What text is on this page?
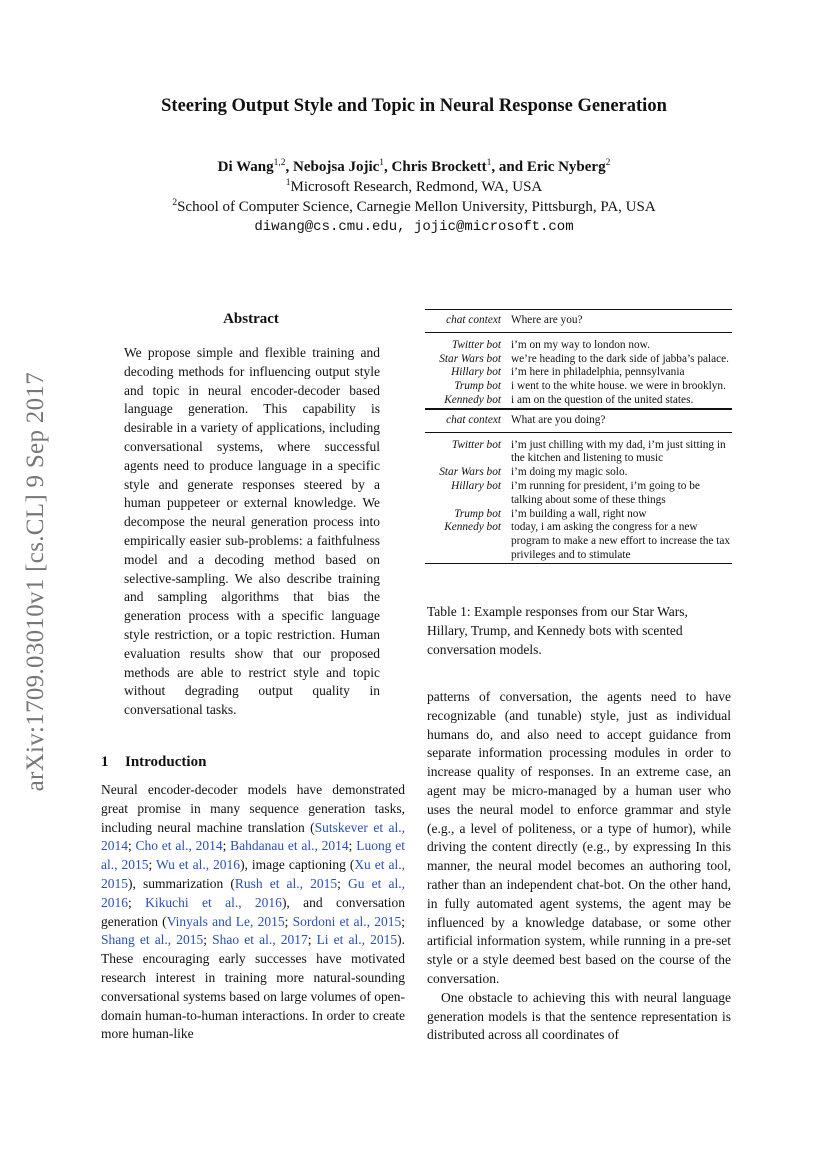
arXiv:1709.03010v1 [cs.CL] 9 Sep 2017
Steering Output Style and Topic in Neural Response Generation
Di Wang$^{1,2}$, Nebojsa Jojic$^1$, Chris Brockett$^1$, and Eric Nyberg$^2$
$^1$Microsoft Research, Redmond, WA, USA
$^2$School of Computer Science, Carnegie Mellon University, Pittsburgh, PA, USA
diwang@cs.cmu.edu, jojic@microsoft.com
Abstract
We propose simple and flexible training and decoding methods for influencing output style and topic in neural encoder-decoder based language generation. This capability is desirable in a variety of applications, including conversational systems, where successful agents need to produce language in a specific style and generate responses steered by a human puppeteer or external knowledge. We decompose the neural generation process into empirically easier sub-problems: a faithfulness model and a decoding method based on selective-sampling. We also describe training and sampling algorithms that bias the generation process with a specific language style restriction, or a topic restriction. Human evaluation results show that our proposed methods are able to restrict style and topic without degrading output quality in conversational tasks.
1 Introduction
Neural encoder-decoder models have demonstrated great promise in many sequence generation tasks, including neural machine translation (Sutskever et al., 2014; Cho et al., 2014; Bahdanau et al., 2014; Luong et al., 2015; Wu et al., 2016), image captioning (Xu et al., 2015), summarization (Rush et al., 2015; Gu et al., 2016; Kikuchi et al., 2016), and conversation generation (Vinyals and Le, 2015; Sordoni et al., 2015; Shang et al., 2015; Shao et al., 2017; Li et al., 2015). These encouraging early successes have motivated research interest in training more natural-sounding conversational systems based on large volumes of open-domain human-to-human interactions. In order to create more human-like
chat context	Where are you?
Twitter bot	i’m on my way to london now.
Star Wars bot	we’re heading to the dark side of jabba’s palace.
Hillary bot	i’m here in philadelphia, pennsylvania
Trump bot	i went to the white house. we were in brooklyn.
Kennedy bot	i am on the question of the united states.
chat context	What are you doing?
Twitter bot	i’m just chilling with my dad, i’m just sitting in the kitchen and listening to music
Star Wars bot	i’m doing my magic solo.
Hillary bot	i’m running for president, i’m going to be talking about some of these things
Trump bot	i’m building a wall, right now
Kennedy bot	today, i am asking the congress for a new program to make a new effort to increase the tax privileges and to stimulate
Table 1: Example responses from our Star Wars, Hillary, Trump, and Kennedy bots with scented conversation models.

patterns of conversation, the agents need to have recognizable (and tunable) style, just as individual humans do, and also need to accept guidance from separate information processing modules in order to increase quality of responses. In an extreme case, an agent may be micro-managed by a human user who uses the neural model to enforce grammar and style (e.g., a level of politeness, or a type of humor), while driving the content directly (e.g., by expressing In this manner, the neural model becomes an authoring tool, rather than an independent chat-bot. On the other hand, in fully automated agent systems, the agent may be influenced by a knowledge database, or some other artificial information system, while running in a pre-set style or a style deemed best based on the course of the conversation.

One obstacle to achieving this with neural language generation models is that the sentence representation is distributed across all coordinates of
